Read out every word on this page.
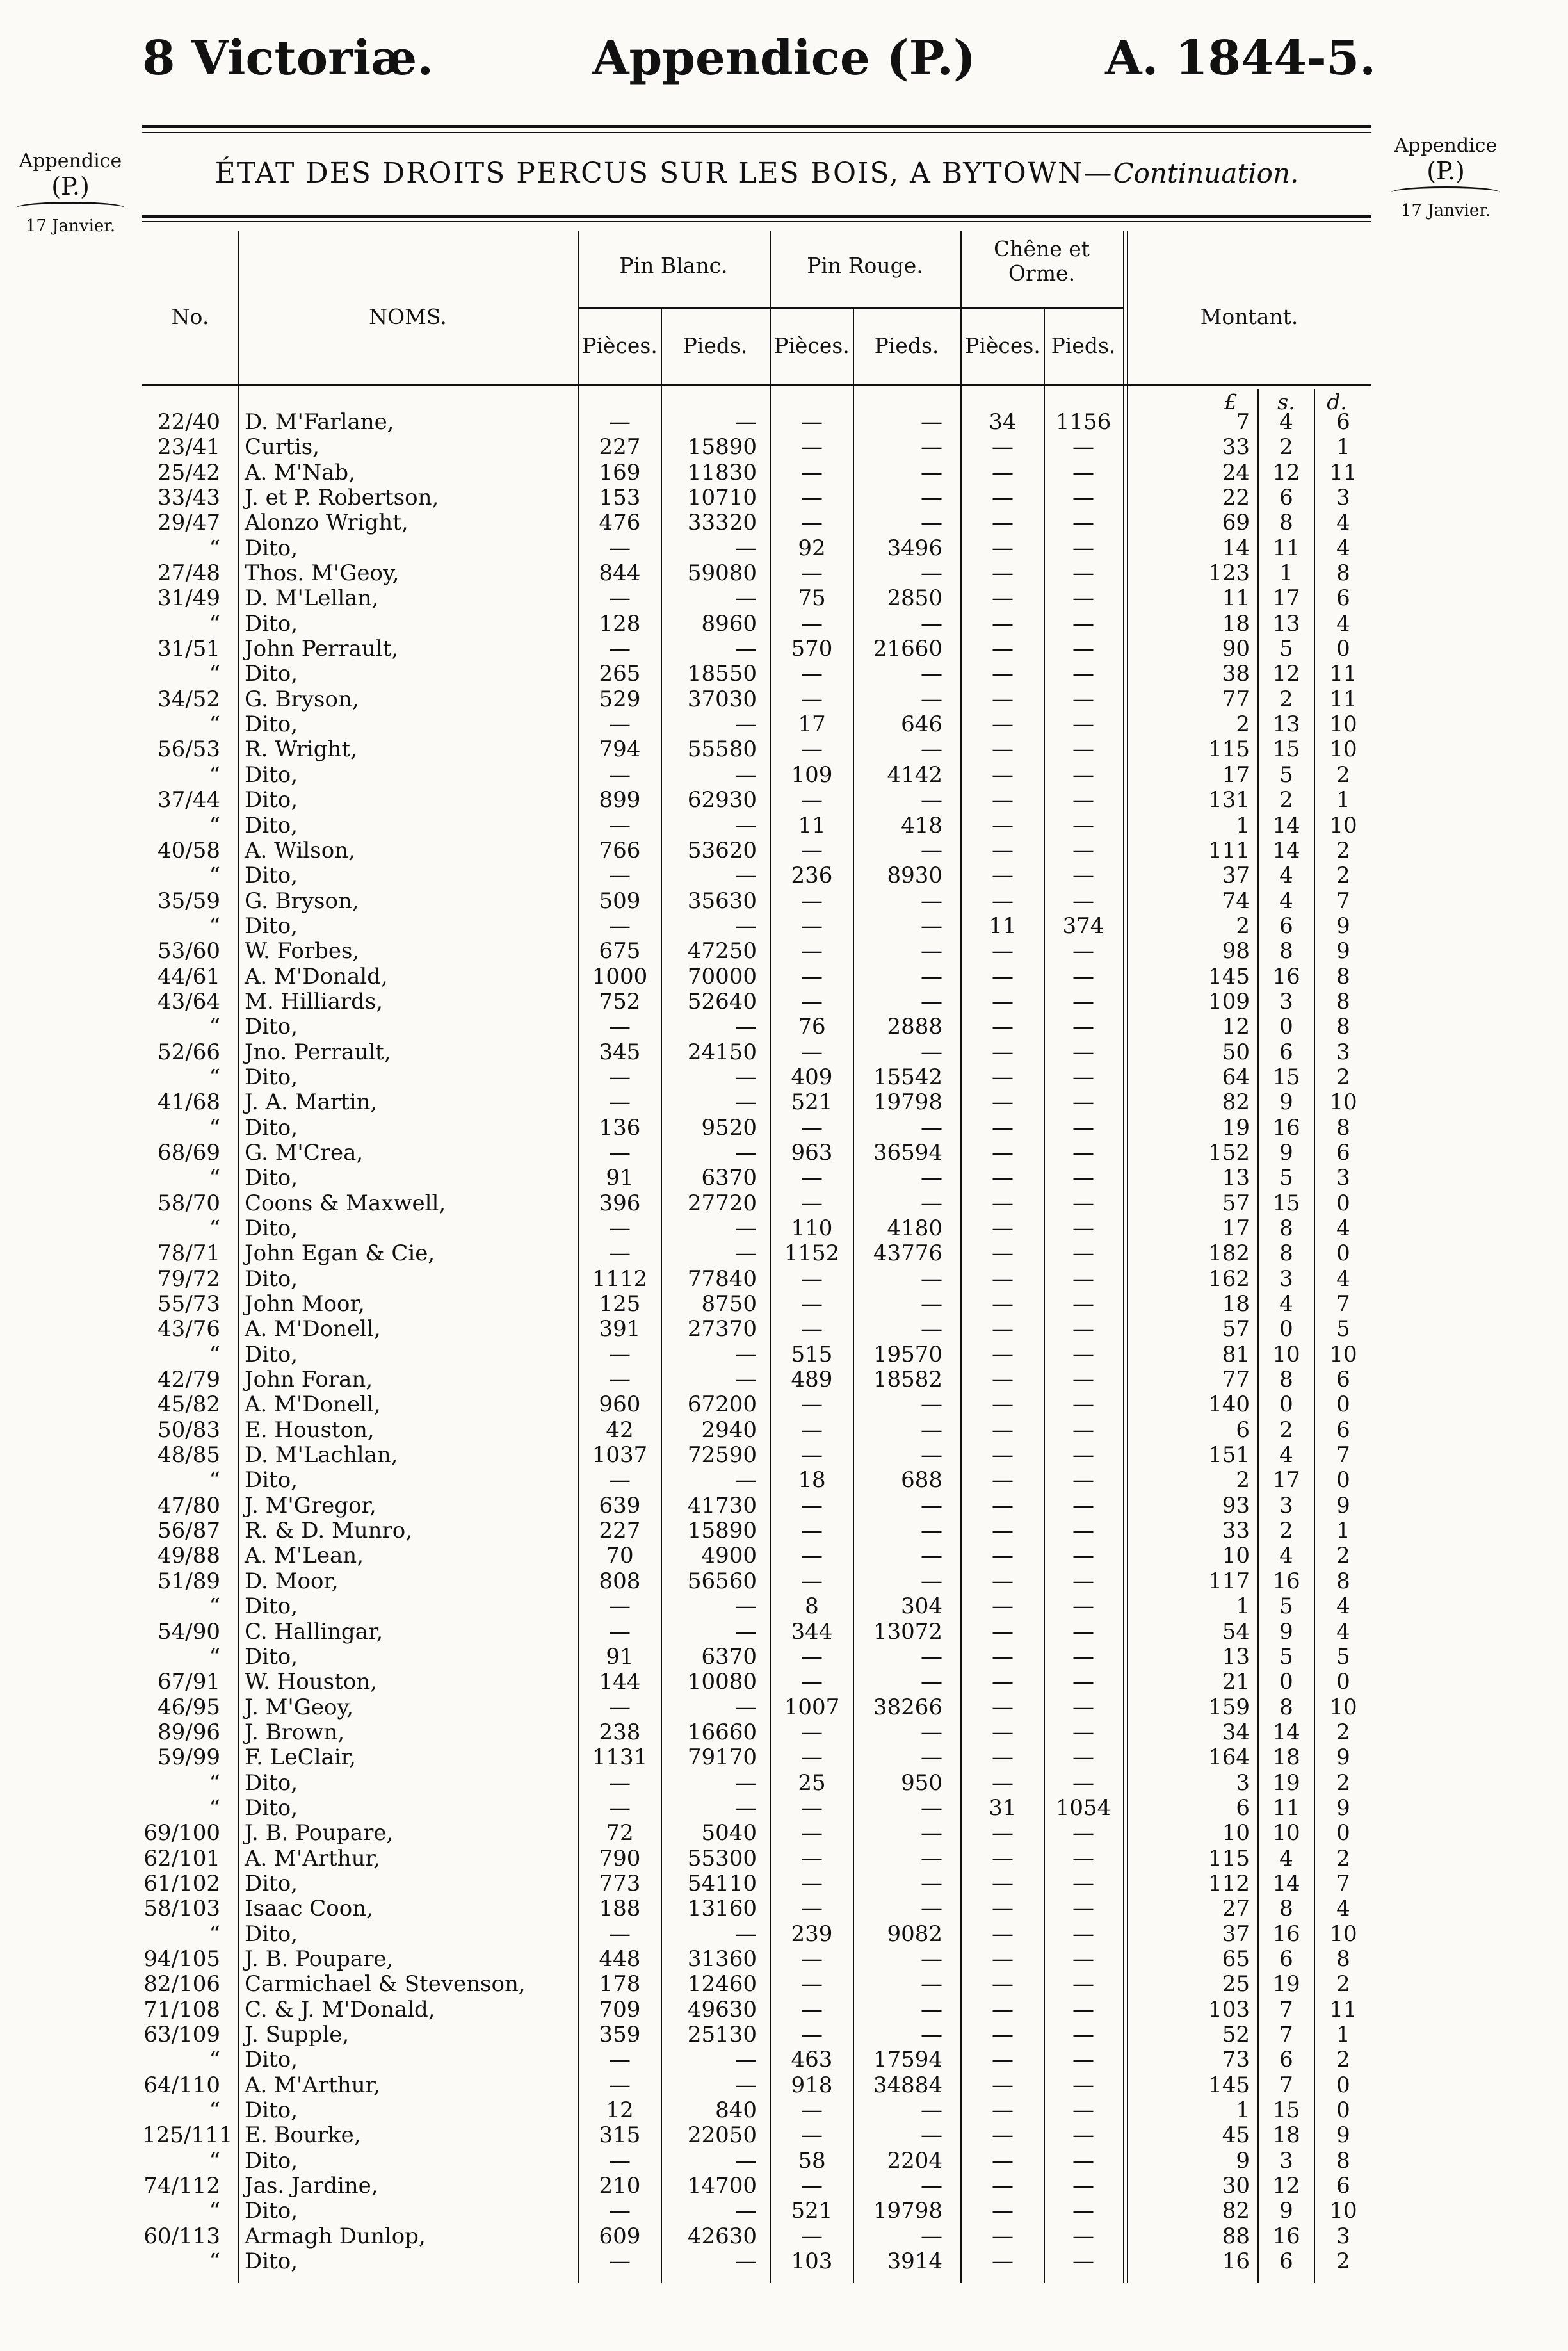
8 Victoriæ.	Appendice (P.)	A. 1844-5.
Appendice
(P.)
17 Janvier.
Appendice
(P.)
17 Janvier.
ÉTAT DES DROITS PERCUS SUR LES BOIS, A BYTOWN—Continuation.
No.	NOMS.
Pin Blanc.	Pin Rouge.
Chêne et Orme.
Montant.
Pièces.	Pieds.	Pièces.	Pieds.	Pièces. Pieds.
£	s.	d.
22/40 D. M'Farlane,	—	—	—	—	34	1156	7	4	6
23/41 Curtis,	227	15890	—	—	—	—	33	2	1
25/42 A. M'Nab,	169	11830	—	—	—	—	24	12	11
33/43 J. et P. Robertson,	153	10710	—	—	—	—	22	6	3
29/47 Alonzo Wright,	476	33320	—	—	—	—	69	8	4
“ Dito,	—	—	92	3496	—	—	14	11	4
27/48 Thos. M'Geoy,	844	59080	—	—	—	—	123	1	8
31/49 D. M'Lellan,	—	—	75	2850	—	—	11	17	6
“ Dito,	128	8960	—	—	—	—	18	13	4
31/51 John Perrault,	—	—	570	21660	—	—	90	5	0
“ Dito,	265	18550	—	—	—	—	38	12	11
34/52 G. Bryson,	529	37030	—	—	—	—	77	2	11
“ Dito,	—	—	17	646	—	—	2	13	10
56/53 R. Wright,	794	55580	—	—	—	—	115	15	10
“ Dito,	—	—	109	4142	—	—	17	5	2
37/44 Dito,	899	62930	—	—	—	—	131	2	1
“ Dito,	—	—	11	418	—	—	1	14	10
40/58 A. Wilson,	766	53620	—	—	—	—	111	14	2
“ Dito,	—	—	236	8930	—	—	37	4	2
35/59 G. Bryson,	509	35630	—	—	—	—	74	4	7
“ Dito,	—	—	—	—	11	374	2	6	9
53/60 W. Forbes,	675	47250	—	—	—	—	98	8	9
44/61 A. M'Donald,	1000	70000	—	—	—	—	145	16	8
43/64 M. Hilliards,	752	52640	—	—	—	—	109	3	8
“ Dito,	—	—	76	2888	—	—	12	0	8
52/66 Jno. Perrault,	345	24150	—	—	—	—	50	6	3
“ Dito,	—	—	409	15542	—	—	64	15	2
41/68 J. A. Martin,	—	—	521	19798	—	—	82	9	10
“ Dito,	136	9520	—	—	—	—	19	16	8
68/69 G. M'Crea,	—	—	963	36594	—	—	152	9	6
“ Dito,	91	6370	—	—	—	—	13	5	3
58/70 Coons & Maxwell,	396	27720	—	—	—	—	57	15	0
“ Dito,	—	—	110	4180	—	—	17	8	4
78/71 John Egan & Cie,	—	—	1152	43776	—	—	182	8	0
79/72 Dito,	1112	77840	—	—	—	—	162	3	4
55/73 John Moor,	125	8750	—	—	—	—	18	4	7
43/76 A. M'Donell,	391	27370	—	—	—	—	57	0	5
“ Dito,	—	—	515	19570	—	—	81	10	10
42/79 John Foran,	—	—	489	18582	—	—	77	8	6
45/82 A. M'Donell,	960	67200	—	—	—	—	140	0	0
50/83 E. Houston,	42	2940	—	—	—	—	6	2	6
48/85 D. M'Lachlan,	1037	72590	—	—	—	—	151	4	7
“ Dito,	—	—	18	688	—	—	2	17	0
47/80 J. M'Gregor,	639	41730	—	—	—	—	93	3	9
56/87 R. & D. Munro,	227	15890	—	—	—	—	33	2	1
49/88 A. M'Lean,	70	4900	—	—	—	—	10	4	2
51/89 D. Moor,	808	56560	—	—	—	—	117	16	8
“ Dito,	—	—	8	304	—	—	1	5	4
54/90 C. Hallingar,	—	—	344	13072	—	—	54	9	4
“ Dito,	91	6370	—	—	—	—	13	5	5
67/91 W. Houston,	144	10080	—	—	—	—	21	0	0
46/95 J. M'Geoy,	—	—	1007	38266	—	—	159	8	10
89/96 J. Brown,	238	16660	—	—	—	—	34	14	2
59/99 F. LeClair,	1131	79170	—	—	—	—	164	18	9
“ Dito,	—	—	25	950	—	—	3	19	2
“ Dito,	—	—	—	—	31	1054	6	11	9
69/100 J. B. Poupare,	72	5040	—	—	—	—	10	10	0
62/101 A. M'Arthur,	790	55300	—	—	—	—	115	4	2
61/102 Dito,	773	54110	—	—	—	—	112	14	7
58/103 Isaac Coon,	188	13160	—	—	—	—	27	8	4
“ Dito,	—	—	239	9082	—	—	37	16	10
94/105 J. B. Poupare,	448	31360	—	—	—	—	65	6	8
82/106 Carmichael & Stevenson,	178	12460	—	—	—	—	25	19	2
71/108 C. & J. M'Donald,	709	49630	—	—	—	—	103	7	11
63/109 J. Supple,	359	25130	—	—	—	—	52	7	1
“ Dito,	—	—	463	17594	—	—	73	6	2
64/110 A. M'Arthur,	—	—	918	34884	—	—	145	7	0
“ Dito,	12	840	—	—	—	—	1	15	0
125/111 E. Bourke,	315	22050	—	—	—	—	45	18	9
“ Dito,	—	—	58	2204	—	—	9	3	8
74/112 Jas. Jardine,	210	14700	—	—	—	—	30	12	6
“ Dito,	—	—	521	19798	—	—	82	9	10
60/113 Armagh Dunlop,	609	42630	—	—	—	—	88	16	3
“ Dito,	—	—	103	3914	—	—	16	6	2
